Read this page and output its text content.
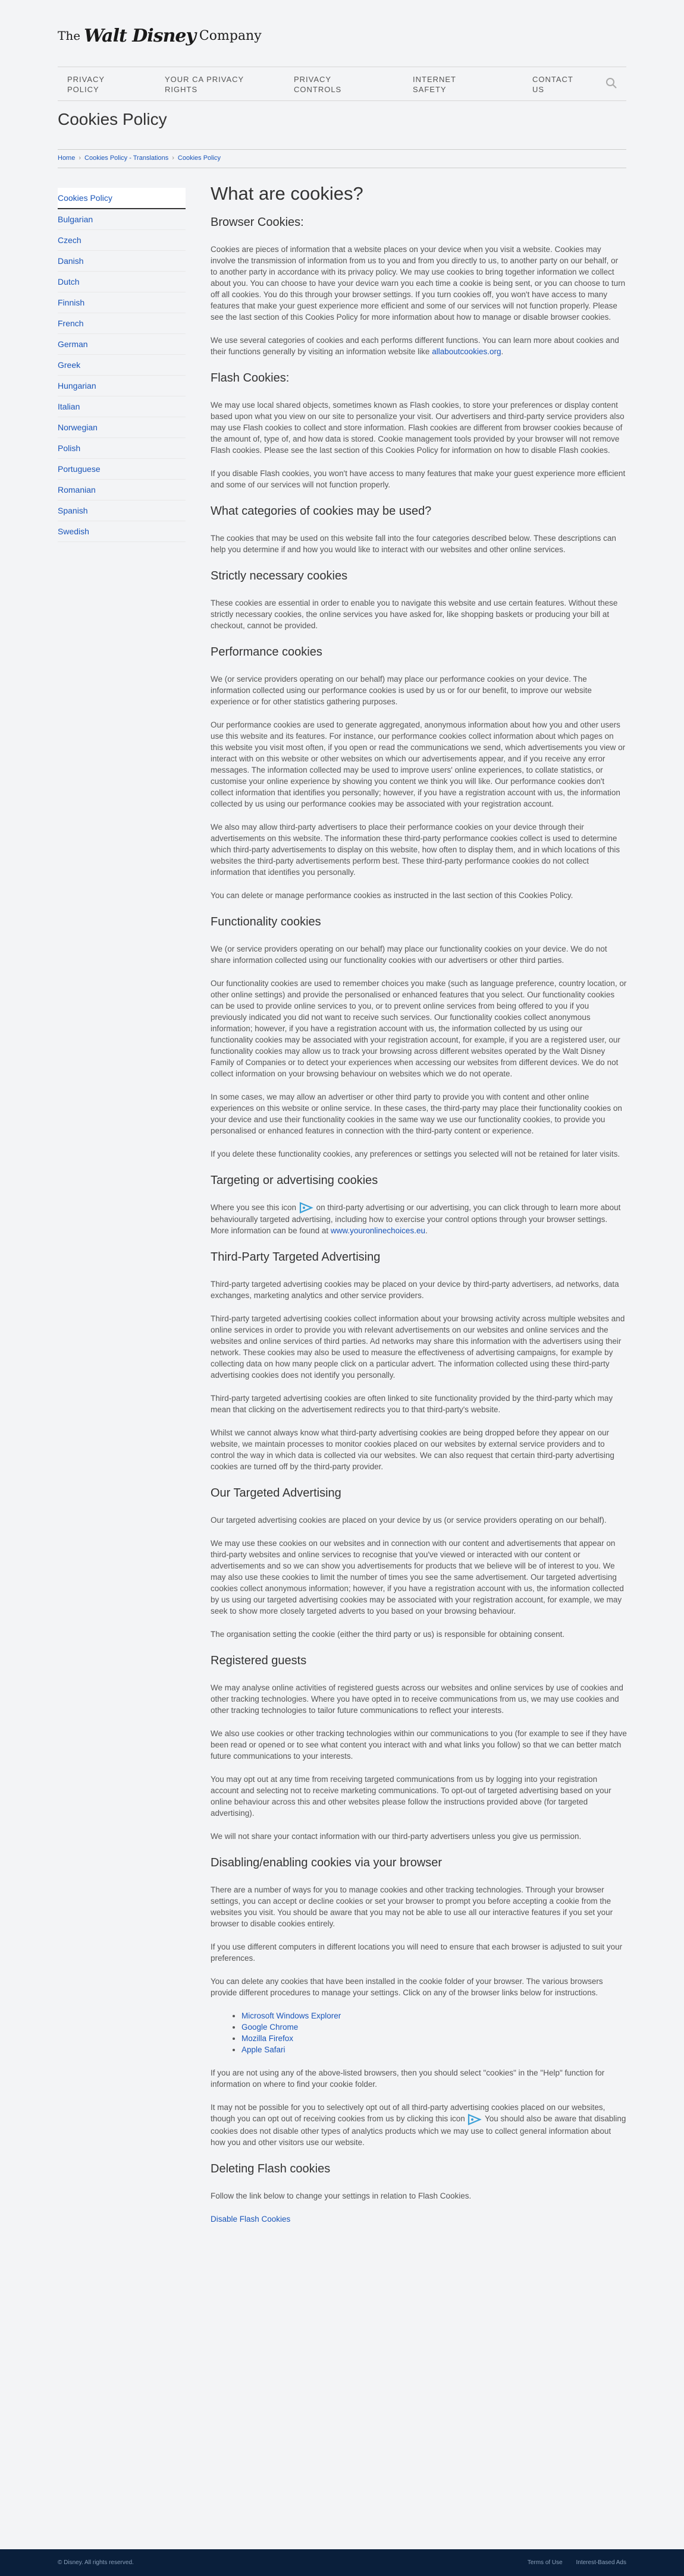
The Walt Disney Company
PRIVACY POLICY
YOUR CA PRIVACY RIGHTS
PRIVACY CONTROLS
INTERNET SAFETY
CONTACT US
Cookies Policy
Home › Cookies Policy - Translations › Cookies Policy
Cookies Policy
Bulgarian
Czech
Danish
Dutch
Finnish
French
German
Greek
Hungarian
Italian
Norwegian
Polish
Portuguese
Romanian
Spanish
Swedish
What are cookies?
Browser Cookies:

Cookies are pieces of information that a website places on your device when you visit a website. Cookies may involve the transmission of information from us to you and from you directly to us, to another party on our behalf, or to another party in accordance with its privacy policy. We may use cookies to bring together information we collect about you. You can choose to have your device warn you each time a cookie is being sent, or you can choose to turn off all cookies. You do this through your browser settings. If you turn cookies off, you won't have access to many features that make your guest experience more efficient and some of our services will not function properly. Please see the last section of this Cookies Policy for more information about how to manage or disable browser cookies.

We use several categories of cookies and each performs different functions. You can learn more about cookies and their functions generally by visiting an information website like allaboutcookies.org.

Flash Cookies:

We may use local shared objects, sometimes known as Flash cookies, to store your preferences or display content based upon what you view on our site to personalize your visit. Our advertisers and third-party service providers also may use Flash cookies to collect and store information. Flash cookies are different from browser cookies because of the amount of, type of, and how data is stored. Cookie management tools provided by your browser will not remove Flash cookies. Please see the last section of this Cookies Policy for information on how to disable Flash cookies.

If you disable Flash cookies, you won't have access to many features that make your guest experience more efficient and some of our services will not function properly.

What categories of cookies may be used?

The cookies that may be used on this website fall into the four categories described below. These descriptions can help you determine if and how you would like to interact with our websites and other online services.

Strictly necessary cookies

These cookies are essential in order to enable you to navigate this website and use certain features. Without these strictly necessary cookies, the online services you have asked for, like shopping baskets or producing your bill at checkout, cannot be provided.

Performance cookies

We (or service providers operating on our behalf) may place our performance cookies on your device. The information collected using our performance cookies is used by us or for our benefit, to improve our website experience or for other statistics gathering purposes.

Our performance cookies are used to generate aggregated, anonymous information about how you and other users use this website and its features. For instance, our performance cookies collect information about which pages on this website you visit most often, if you open or read the communications we send, which advertisements you view or interact with on this website or other websites on which our advertisements appear, and if you receive any error messages. The information collected may be used to improve users' online experiences, to collate statistics, or customise your online experience by showing you content we think you will like. Our performance cookies don't collect information that identifies you personally; however, if you have a registration account with us, the information collected by us using our performance cookies may be associated with your registration account.

We also may allow third-party advertisers to place their performance cookies on your device through their advertisements on this website. The information these third-party performance cookies collect is used to determine which third-party advertisements to display on this website, how often to display them, and in which locations of this websites the third-party advertisements perform best. These third-party performance cookies do not collect information that identifies you personally.

You can delete or manage performance cookies as instructed in the last section of this Cookies Policy.

Functionality cookies

We (or service providers operating on our behalf) may place our functionality cookies on your device. We do not share information collected using our functionality cookies with our advertisers or other third parties.

Our functionality cookies are used to remember choices you make (such as language preference, country location, or other online settings) and provide the personalised or enhanced features that you select. Our functionality cookies can be used to provide online services to you, or to prevent online services from being offered to you if you previously indicated you did not want to receive such services. Our functionality cookies collect anonymous information; however, if you have a registration account with us, the information collected by us using our functionality cookies may be associated with your registration account, for example, if you are a registered user, our functionality cookies may allow us to track your browsing across different websites operated by the Walt Disney Family of Companies or to detect your experiences when accessing our websites from different devices. We do not collect information on your browsing behaviour on websites which we do not operate.

In some cases, we may allow an advertiser or other third party to provide you with content and other online experiences on this website or online service. In these cases, the third-party may place their functionality cookies on your device and use their functionality cookies in the same way we use our functionality cookies, to provide you personalised or enhanced features in connection with the third-party content or experience.

If you delete these functionality cookies, any preferences or settings you selected will not be retained for later visits.

Targeting or advertising cookies

Where you see this icon  on third-party advertising or our advertising, you can click through to learn more about behaviourally targeted advertising, including how to exercise your control options through your browser settings. More information can be found at www.youronlinechoices.eu.

Third-Party Targeted Advertising

Third-party targeted advertising cookies may be placed on your device by third-party advertisers, ad networks, data exchanges, marketing analytics and other service providers.

Third-party targeted advertising cookies collect information about your browsing activity across multiple websites and online services in order to provide you with relevant advertisements on our websites and online services and the websites and online services of third parties. Ad networks may share this information with the advertisers using their network. These cookies may also be used to measure the effectiveness of advertising campaigns, for example by collecting data on how many people click on a particular advert. The information collected using these third-party advertising cookies does not identify you personally.

Third-party targeted advertising cookies are often linked to site functionality provided by the third-party which may mean that clicking on the advertisement redirects you to that third-party's website.

Whilst we cannot always know what third-party advertising cookies are being dropped before they appear on our website, we maintain processes to monitor cookies placed on our websites by external service providers and to control the way in which data is collected via our websites. We can also request that certain third-party advertising cookies are turned off by the third-party provider.

Our Targeted Advertising

Our targeted advertising cookies are placed on your device by us (or service providers operating on our behalf).

We may use these cookies on our websites and in connection with our content and advertisements that appear on third-party websites and online services to recognise that you've viewed or interacted with our content or advertisements and so we can show you advertisements for products that we believe will be of interest to you. We may also use these cookies to limit the number of times you see the same advertisement. Our targeted advertising cookies collect anonymous information; however, if you have a registration account with us, the information collected by us using our targeted advertising cookies may be associated with your registration account, for example, we may seek to show more closely targeted adverts to you based on your browsing behaviour.

The organisation setting the cookie (either the third party or us) is responsible for obtaining consent.

Registered guests

We may analyse online activities of registered guests across our websites and online services by use of cookies and other tracking technologies. Where you have opted in to receive communications from us, we may use cookies and other tracking technologies to tailor future communications to reflect your interests.

We also use cookies or other tracking technologies within our communications to you (for example to see if they have been read or opened or to see what content you interact with and what links you follow) so that we can better match future communications to your interests.

You may opt out at any time from receiving targeted communications from us by logging into your registration account and selecting not to receive marketing communications. To opt-out of targeted advertising based on your online behaviour across this and other websites please follow the instructions provided above (for targeted advertising).

We will not share your contact information with our third-party advertisers unless you give us permission.

Disabling/enabling cookies via your browser

There are a number of ways for you to manage cookies and other tracking technologies. Through your browser settings, you can accept or decline cookies or set your browser to prompt you before accepting a cookie from the websites you visit. You should be aware that you may not be able to use all our interactive features if you set your browser to disable cookies entirely.

If you use different computers in different locations you will need to ensure that each browser is adjusted to suit your preferences.

You can delete any cookies that have been installed in the cookie folder of your browser. The various browsers provide different procedures to manage your settings. Click on any of the browser links below for instructions.

• Microsoft Windows Explorer
• Google Chrome
• Mozilla Firefox
• Apple Safari

If you are not using any of the above-listed browsers, then you should select "cookies" in the "Help" function for information on where to find your cookie folder.

It may not be possible for you to selectively opt out of all third-party advertising cookies placed on our websites, though you can opt out of receiving cookies from us by clicking this icon  You should also be aware that disabling cookies does not disable other types of analytics products which we may use to collect general information about how you and other visitors use our website.

Deleting Flash cookies

Follow the link below to change your settings in relation to Flash Cookies.

Disable Flash Cookies

© Disney. All rights reserved.	Terms of Use Interest-Based Ads
